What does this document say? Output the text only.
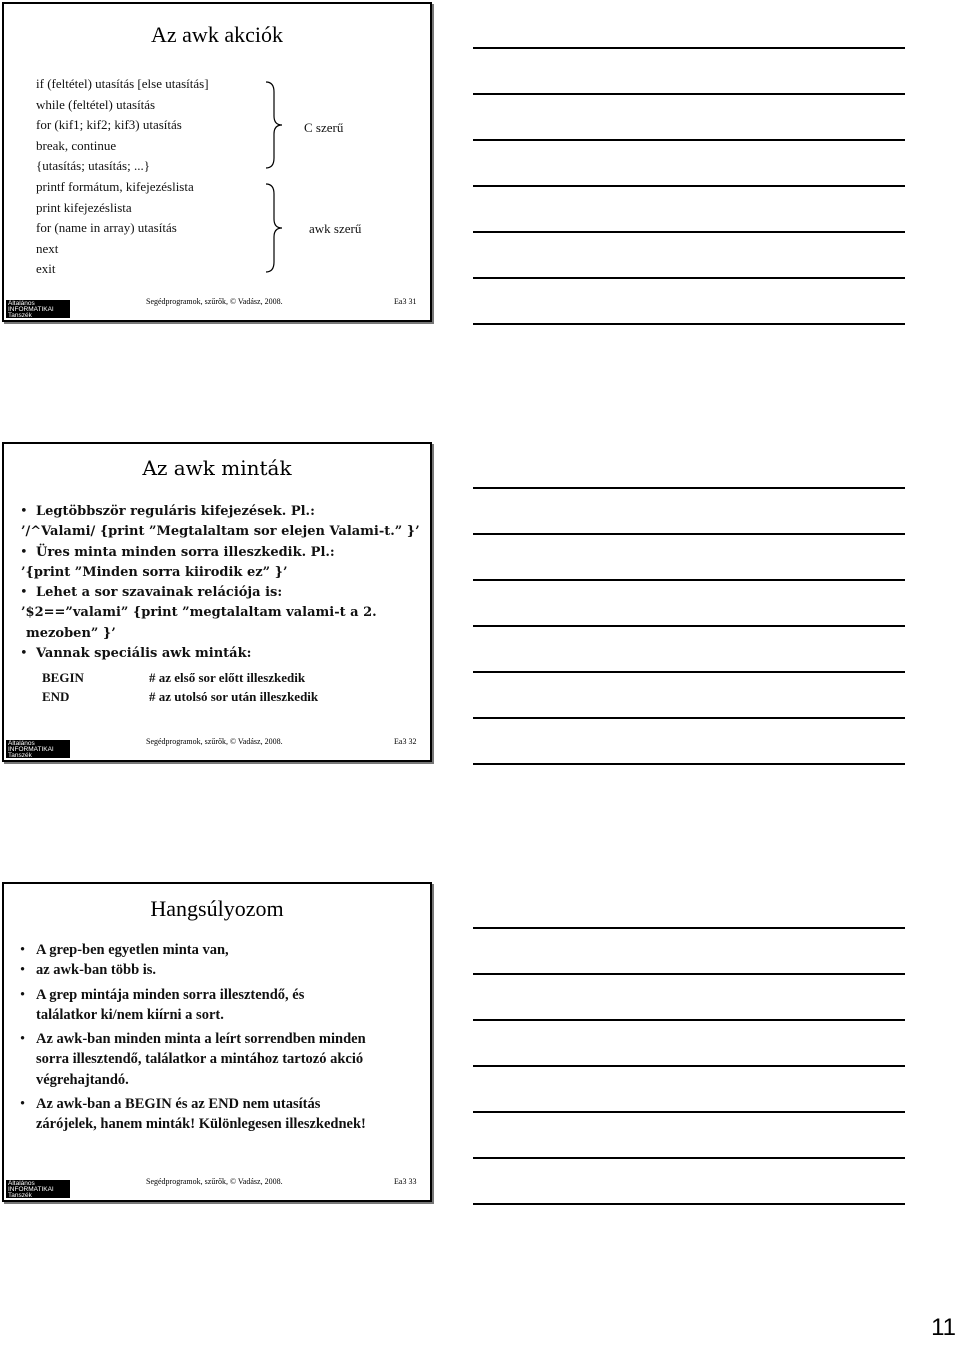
Az awk akciók
if (feltétel) utasítás [else utasítás]
while (feltétel) utasítás
for (kif1; kif2; kif3) utasítás
break, continue
{utasítás; utasítás; ...}
printf formátum, kifejezéslista
print kifejezéslista
for (name in array) utasítás
next
exit
C szerű
awk szerű
Általános
INFORMATIKAI
Tanszék
Segédprogramok, szűrők, © Vadász, 2008.	Ea3 31
Az awk minták
• Legtöbbször reguláris kifejezések. Pl.:
’/^Valami/ {print ”Megtalaltam sor elejen Valami-t.” }’
• Üres minta minden sorra illeszkedik. Pl.:
’{print ”Minden sorra kiirodik ez” }’
• Lehet a sor szavainak relációja is:
’$2==”valami” {print ”megtalaltam valami-t a 2.
mezoben” }’
• Vannak speciális awk minták:
BEGIN	# az első sor előtt illeszkedik
END	# az utolsó sor után illeszkedik
Általános
INFORMATIKAI
Tanszék
Segédprogramok, szűrők, © Vadász, 2008.	Ea3 32
Hangsúlyozom
• A grep-ben egyetlen minta van,
• az awk-ban több is.
• A grep mintája minden sorra illesztendő, és
találatkor ki/nem kiírni a sort.
• Az awk-ban minden minta a leírt sorrendben minden
sorra illesztendő, találatkor a mintához tartozó akció
végrehajtandó.
• Az awk-ban a BEGIN és az END nem utasítás
zárójelek, hanem minták! Különlegesen illeszkednek!
Általános
INFORMATIKAI
Tanszék
Segédprogramok, szűrők, © Vadász, 2008.	Ea3 33
11
